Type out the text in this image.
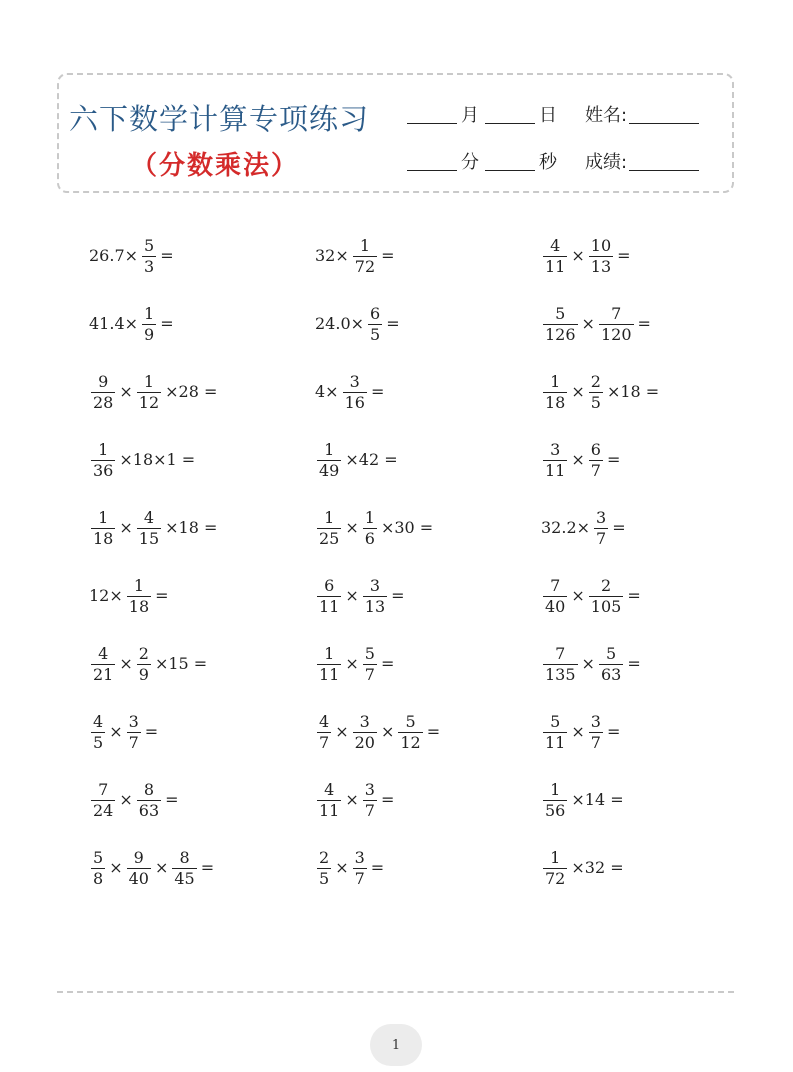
六下数学计算专项练习
（分数乘法）
月	日 姓名:
分	秒 成绩:
$26.7\times \frac{5}{3}$ =	$32\times \frac{1}{72}$ =	$\frac{4}{11} \times \frac{10}{13}$ =
$41.4\times \frac{1}{9}$ =	$24.0\times \frac{6}{5}$ =	$\frac{5}{126} \times \frac{7}{120}$ =
$\frac{9}{28} \times \frac{1}{12} \times 28$ =	$4\times \frac{3}{16}$ =	$\frac{1}{18} \times \frac{2}{5} \times 18$ =
$\frac{1}{36} \times 18\times 1$ =	$\frac{1}{49} \times 42$ =	$\frac{3}{11} \times \frac{6}{7}$ =
$\frac{1}{18} \times \frac{4}{15} \times 18$ =	$\frac{1}{25} \times \frac{1}{6} \times 30$ =	$32.2\times \frac{3}{7}$ =
$12\times \frac{1}{18}$ =	$\frac{6}{11} \times \frac{3}{13}$ =	$\frac{7}{40} \times \frac{2}{105}$ =
$\frac{4}{21} \times \frac{2}{9} \times 15$ =	$\frac{1}{11} \times \frac{5}{7}$ =	$\frac{7}{135} \times \frac{5}{63}$ =
$\frac{4}{5} \times \frac{3}{7}$ =	$\frac{4}{7} \times \frac{3}{20} \times \frac{5}{12}$ =	$\frac{5}{11} \times \frac{3}{7}$ =
$\frac{7}{24} \times \frac{8}{63}$ =	$\frac{4}{11} \times \frac{3}{7}$ =	$\frac{1}{56} \times 14$ =
$\frac{5}{8} \times \frac{9}{40} \times \frac{8}{45}$ =	$\frac{2}{5} \times \frac{3}{7}$ =	$\frac{1}{72} \times 32$ =
1
